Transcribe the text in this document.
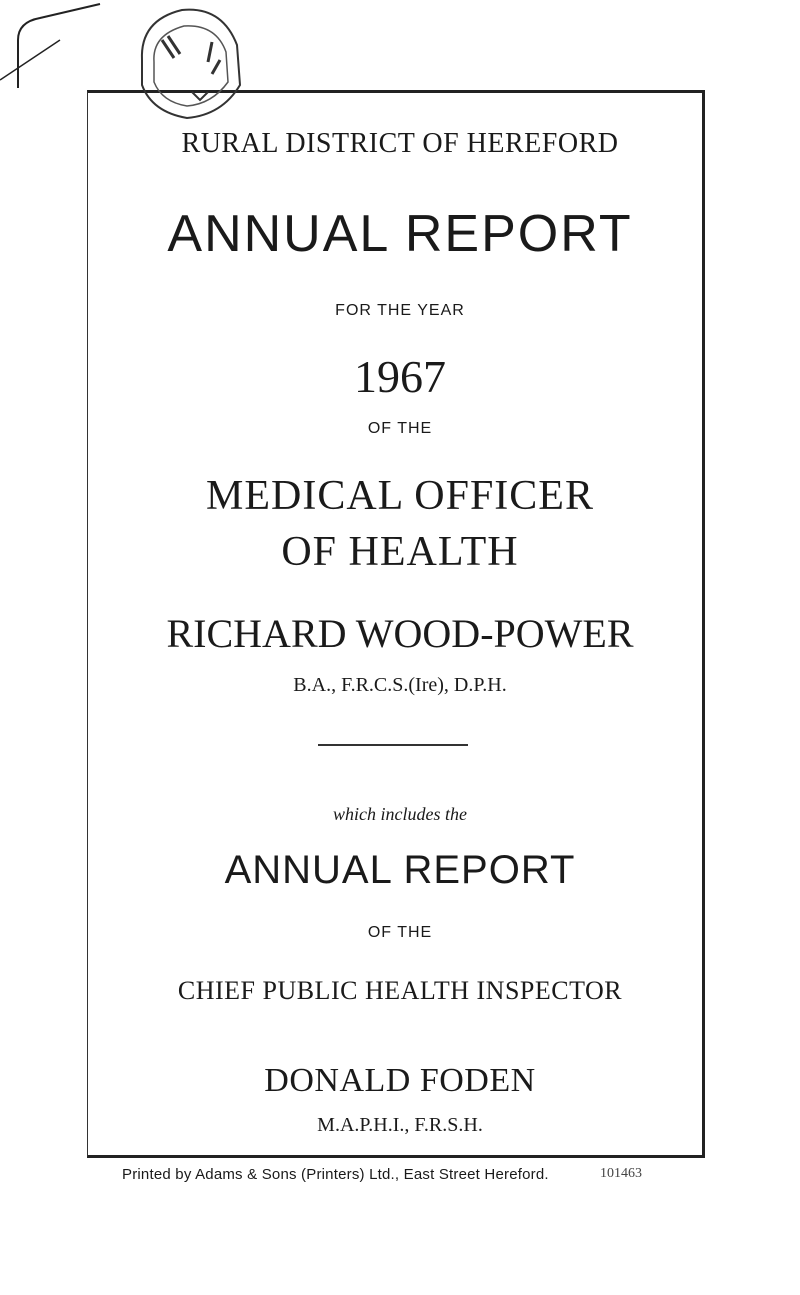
RURAL DISTRICT OF HEREFORD
ANNUAL REPORT
FOR THE YEAR
1967
OF THE
MEDICAL OFFICER
OF HEALTH
RICHARD WOOD-POWER
B.A., F.R.C.S.(Ire), D.P.H.
which includes the
ANNUAL REPORT
OF THE
CHIEF PUBLIC HEALTH INSPECTOR
DONALD FODEN
M.A.P.H.I., F.R.S.H.
Printed by Adams & Sons (Printers) Ltd., East Street Hereford.	101463
